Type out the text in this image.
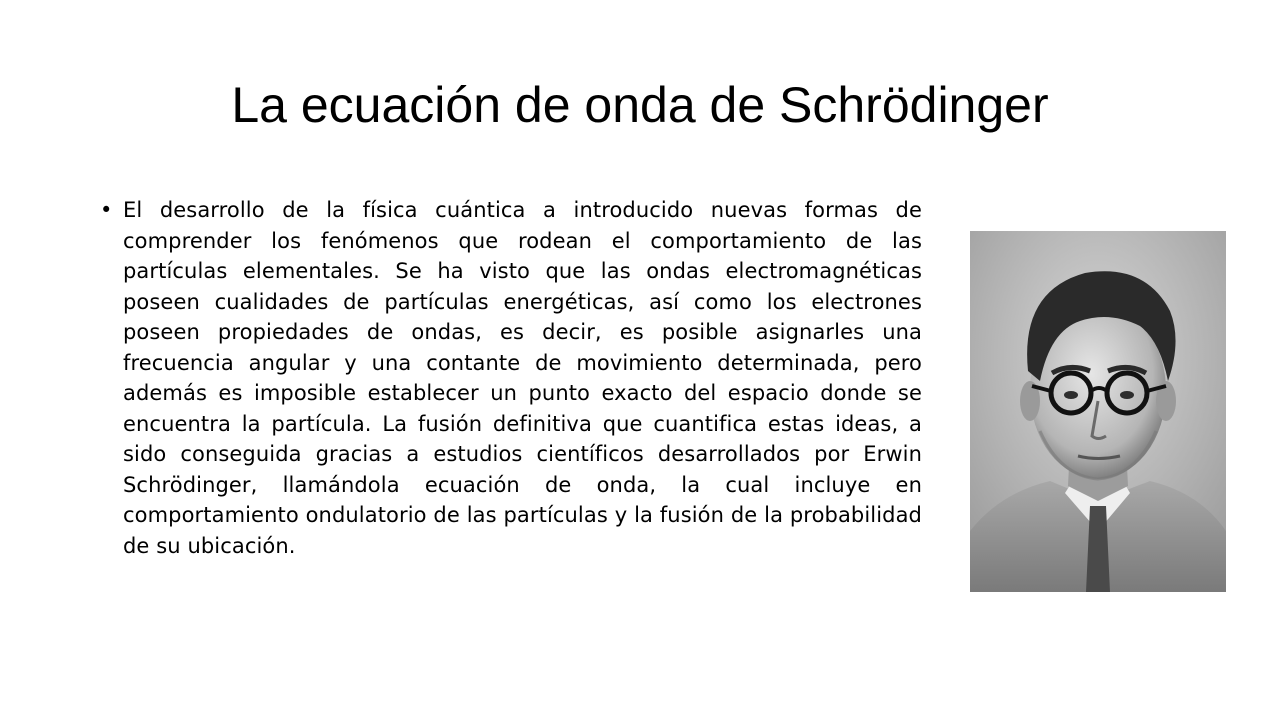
La ecuación de onda de Schrödinger
• El desarrollo de la física cuántica a introducido nuevas formas de comprender los fenómenos que rodean el comportamiento de las partículas elementales. Se ha visto que las ondas electromagnéticas poseen cualidades de partículas energéticas, así como los electrones poseen propiedades de ondas, es decir, es posible asignarles una frecuencia angular y una contante de movimiento determinada, pero además es imposible establecer un punto exacto del espacio donde se encuentra la partícula. La fusión definitiva que cuantifica estas ideas, a sido conseguida gracias a estudios científicos desarrollados por Erwin Schrödinger, llamándola ecuación de onda, la cual incluye en comportamiento ondulatorio de las partículas y la fusión de la probabilidad de su ubicación.
